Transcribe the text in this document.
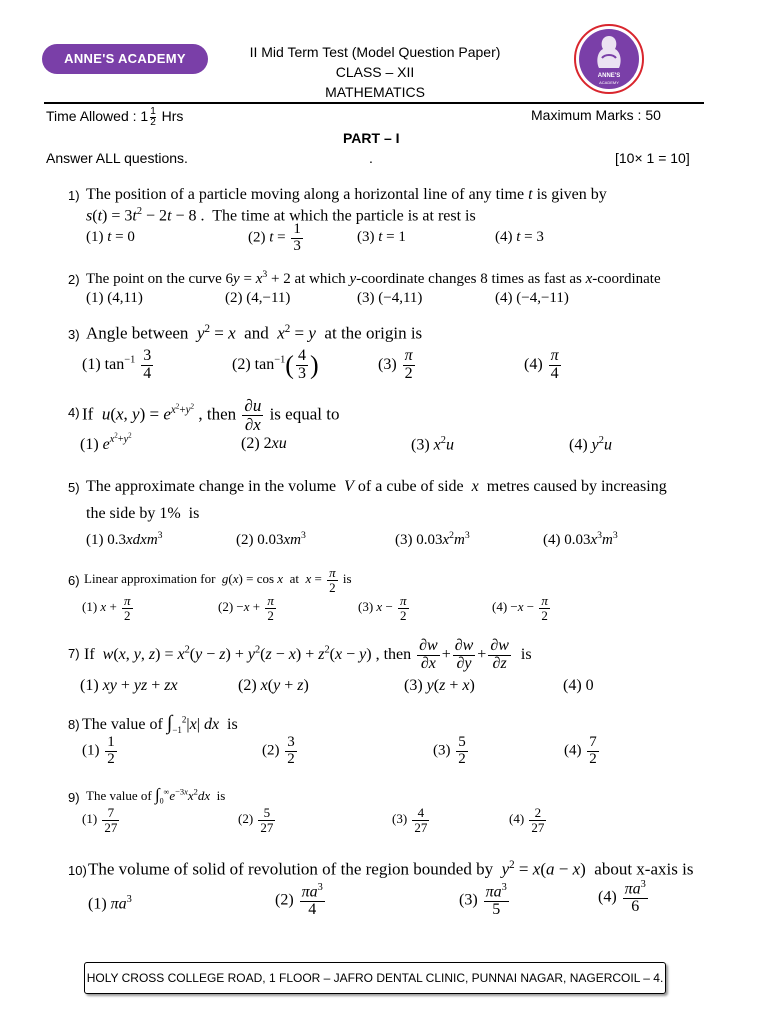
ANNE'S ACADEMY	II Mid Term Test (Model Question Paper)
CLASS – XII
MATHEMATICS
ANNE'S
ACADEMY
Time Allowed : $1 \frac{1}{2}$ Hrs	Maximum Marks : 50
PART – I
Answer ALL questions.	.	[10× 1 = 10]
1) The position of a particle moving along a horizontal line of any time t is given by
$s(t) = 3t^2 - 2t - 8$ .  The time at which the particle is at rest is
(1) t = 0	(2) $t = \frac{1}{3}$	(3) t = 1	(4) t = 3
2) The point on the curve $6y = x^3 + 2$ at which y-coordinate changes 8 times as fast as x-coordinate
(1) (4,11)	(2) (4,−11)	(3) (−4,11)	(4) (−4,−11)
3) Angle between  $y^2 = x$  and  $x^2 = y$  at the origin is
(1) $\tan^{-1} \frac{3}{4}$	(2) $\tan^{-1}( \frac{4}{3}$ )	$(3) \frac{\pi}{2}$	$(4) \frac{\pi}{4}$
4) If  u(x, $y) = e^{x^2+y^2}$ , then $\frac{\partial u}{\partial x}$ is equal to
(1) $e^{x^2+y^2}$	(2) 2xu	(3) $x^2u$	(4) $y^2u$
5) The approximate change in the volume  V of a cube of side  x  metres caused by increasing
the side by 1%  is
(1) 0.3xdxm$^3$	(2) $0.03xm^3$	(3) $0.03x^2m^3$	(4) $0.03x^3m^3$
6) Linear approximation for  g(x) = cos x  at  $x = \frac{\pi}{2}$ is
(1) $x + \frac{\pi}{2}$	$(2) -x + \frac{\pi}{2}$	(3) $x - \frac{\pi}{2}$	$(4) -x - \frac{\pi}{2}$
7) If  w(x, y, $z) = x^2(y - z) + y^2(z - x) + z^2(x - y)$ , then $\frac{\partial w}{\partial x} + \frac{\partial w}{\partial y} + \frac{\partial w}{\partial z}$ is
(1) xy + yz + zx	(2) x(y + z)	(3) y(z + x)	(4) 0
8) The value of $\int_{-1}^2|x|$ dx  is
$(1) \frac{1}{2}$	$(2) \frac{3}{2}$	$(3) \frac{5}{2}$	$(4) \frac{7}{2}$
9) The value of $\int_0^\infty e^{-3x}x^2dx$  is
$(1) \frac{7}{27}$	$(2) \frac{5}{27}$	$(3) \frac{4}{27}$	$(4) \frac{2}{27}$
10) The volume of solid of revolution of the region bounded by  $y^2 = x(a - x)$  about x-axis is
(1) $\pi a^3$	$(2) \frac{\pi a^3}{4}$	$(3) \frac{\pi a^3}{5}$	$(4) \frac{\pi a^3}{6}$
HOLY CROSS COLLEGE ROAD, 1 FLOOR – JAFRO DENTAL CLINIC, PUNNAI NAGAR, NAGERCOIL – 4.
